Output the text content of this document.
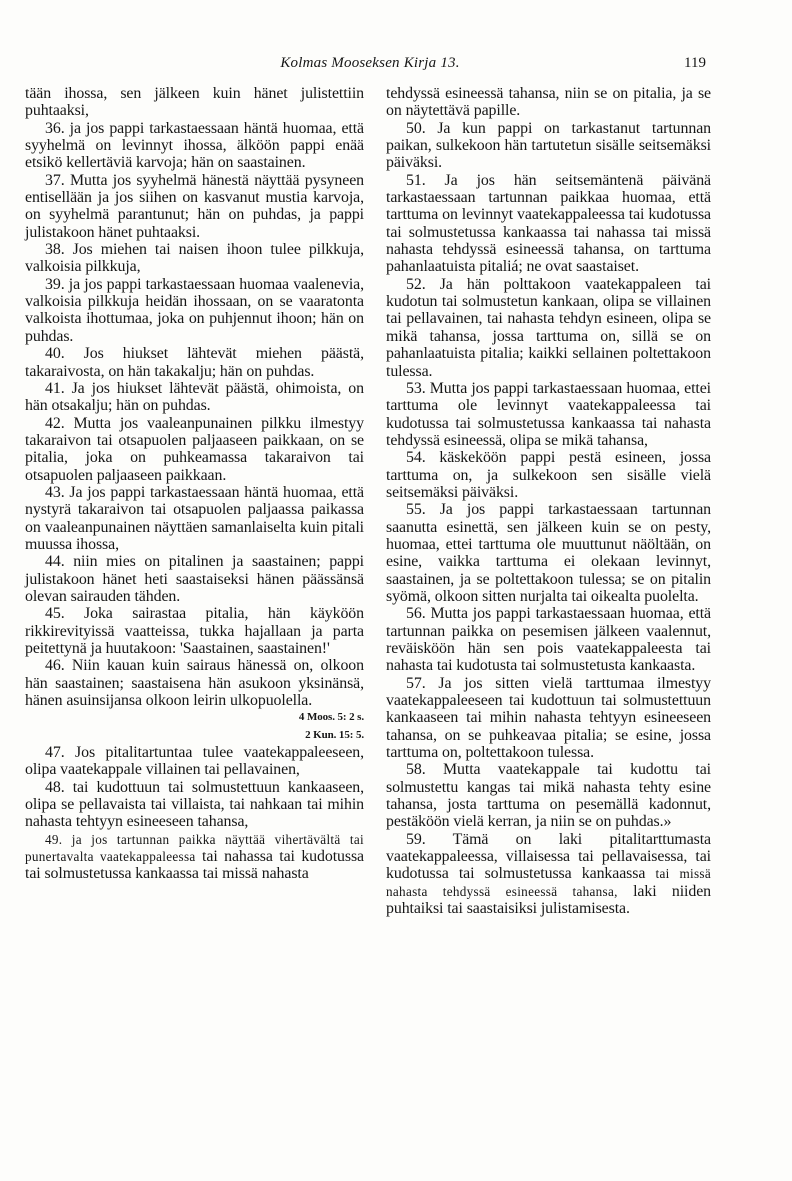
Kolmas Mooseksen Kirja 13.	119

tään ihossa, sen jälkeen kuin hänet julistettiin puhtaaksi,

36. ja jos pappi tarkastaessaan häntä huomaa, että syyhelmä on levinnyt ihossa, älköön pappi enää etsikö kellertäviä karvoja; hän on saastainen.

37. Mutta jos syyhelmä hänestä näyttää pysyneen entisellään ja jos siihen on kasvanut mustia karvoja, on syyhelmä parantunut; hän on puhdas, ja pappi julistakoon hänet puhtaaksi.

38. Jos miehen tai naisen ihoon tulee pilkkuja, valkoisia pilkkuja,

39. ja jos pappi tarkastaessaan huomaa vaalenevia, valkoisia pilkkuja heidän ihossaan, on se vaaratonta valkoista ihottumaa, joka on puhjennut ihoon; hän on puhdas.

40. Jos hiukset lähtevät miehen päästä, takaraivosta, on hän takakalju; hän on puhdas.

41. Ja jos hiukset lähtevät päästä, ohimoista, on hän otsakalju; hän on puhdas.

42. Mutta jos vaaleanpunainen pilkku ilmestyy takaraivon tai otsapuolen paljaaseen paikkaan, on se pitalia, joka on puhkeamassa takaraivon tai otsapuolen paljaaseen paikkaan.

43. Ja jos pappi tarkastaessaan häntä huomaa, että nystyrä takaraivon tai otsapuolen paljaassa paikassa on vaaleanpunainen näyttäen samanlaiselta kuin pitali muussa ihossa,

44. niin mies on pitalinen ja saastainen; pappi julistakoon hänet heti saastaiseksi hänen päässänsä olevan sairauden tähden.

45. Joka sairastaa pitalia, hän käyköön rikkirevityissä vaatteissa, tukka hajallaan ja parta peitettynä ja huutakoon: 'Saastainen, saastainen!'

46. Niin kauan kuin sairaus hänessä on, olkoon hän saastainen; saastaisena hän asukoon yksinänsä, hänen asuinsijansa olkoon leirin ulkopuolella.

4 Moos. 5: 2 s.

2 Kun. 15: 5.

47. Jos pitalitartuntaa tulee vaatekappaleeseen, olipa vaatekappale villainen tai pellavainen,

48. tai kudottuun tai solmustettuun kankaaseen, olipa se pellavaista tai villaista, tai nahkaan tai mihin nahasta tehtyyn esineeseen tahansa,

49. ja jos tartunnan paikka näyttää vihertävältä tai punertavalta vaatekappaleessa tai nahassa tai kudotussa tai solmustetussa kankaassa tai missä nahasta

tehdyssä esineessä tahansa, niin se on pitalia, ja se on näytettävä papille.

50. Ja kun pappi on tarkastanut tartunnan paikan, sulkekoon hän tartutetun sisälle seitsemäksi päiväksi.

51. Ja jos hän seitsemäntenä päivänä tarkastaessaan tartunnan paikkaa huomaa, että tarttuma on levinnyt vaatekappaleessa tai kudotussa tai solmustetussa kankaassa tai nahassa tai missä nahasta tehdyssä esineessä tahansa, on tarttuma pahanlaatuista pitaliá; ne ovat saastaiset.

52. Ja hän polttakoon vaatekappaleen tai kudotun tai solmustetun kankaan, olipa se villainen tai pellavainen, tai nahasta tehdyn esineen, olipa se mikä tahansa, jossa tarttuma on, sillä se on pahanlaatuista pitalia; kaikki sellainen poltettakoon tulessa.

53. Mutta jos pappi tarkastaessaan huomaa, ettei tarttuma ole levinnyt vaatekappaleessa tai kudotussa tai solmustetussa kankaassa tai nahasta tehdyssä esineessä, olipa se mikä tahansa,

54. käskeköön pappi pestä esineen, jossa tarttuma on, ja sulkekoon sen sisälle vielä seitsemäksi päiväksi.

55. Ja jos pappi tarkastaessaan tartunnan saanutta esinettä, sen jälkeen kuin se on pesty, huomaa, ettei tarttuma ole muuttunut näöltään, on esine, vaikka tarttuma ei olekaan levinnyt, saastainen, ja se poltettakoon tulessa; se on pitalin syömä, olkoon sitten nurjalta tai oikealta puolelta.

56. Mutta jos pappi tarkastaessaan huomaa, että tartunnan paikka on pesemisen jälkeen vaalennut, reväisköön hän sen pois vaatekappaleesta tai nahasta tai kudotusta tai solmustetusta kankaasta.

57. Ja jos sitten vielä tarttumaa ilmestyy vaatekappaleeseen tai kudottuun tai solmustettuun kankaaseen tai mihin nahasta tehtyyn esineeseen tahansa, on se puhkeavaa pitalia; se esine, jossa tarttuma on, poltettakoon tulessa.

58. Mutta vaatekappale tai kudottu tai solmustettu kangas tai mikä nahasta tehty esine tahansa, josta tarttuma on pesemällä kadonnut, pestäköön vielä kerran, ja niin se on puhdas.»

59. Tämä on laki pitalitarttumasta vaatekappaleessa, villaisessa tai pellavaisessa, tai kudotussa tai solmustetussa kankaassa tai missä nahasta tehdyssä esineessä tahansa, laki niiden puhtaiksi tai saastaisiksi julistamisesta.
